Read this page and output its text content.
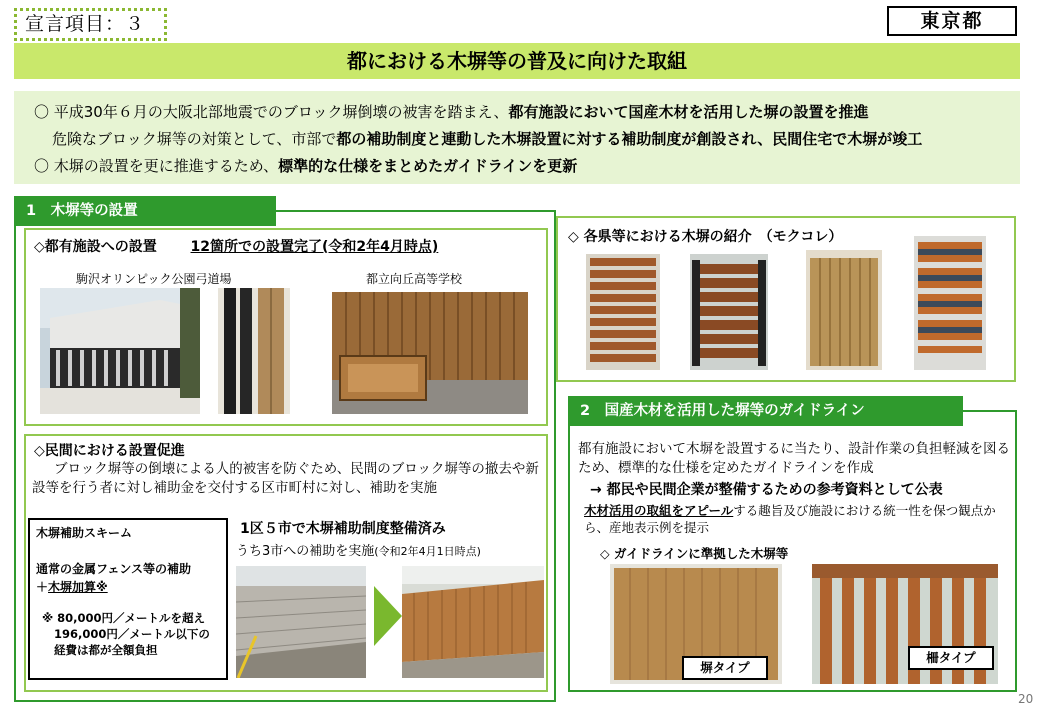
宣言項目：３	東京都
都における木塀等の普及に向けた取組
〇 平成30年６月の大阪北部地震でのブロック塀倒壊の被害を踏まえ、都有施設において国産木材を活用した塀の設置を推進
危険なブロック塀等の対策として、市部で都の補助制度と連動した木塀設置に対する補助制度が創設され、民間住宅で木塀が竣工
〇 木塀の設置を更に推進するため、標準的な仕様をまとめたガイドラインを更新
1　木塀等の設置
◇都有施設への設置 12箇所での設置完了(令和2年4月時点)
駒沢オリンピック公園弓道場	都立向丘高等学校
◇民間における設置促進
ブロック塀等の倒壊による人的被害を防ぐため、民間のブロック塀等の撤去や新設等を行う者に対し補助金を交付する区市町村に対し、補助を実施
1区５市で木塀補助制度整備済み
うち3市への補助を実施(令和2年4月1日時点)
木塀補助スキーム
通常の金属フェンス等の補助
＋木塀加算※
※ 80,000円／メートルを超え
196,000円／メートル以下の
経費は都が全額負担
◇ 各県等における木塀の紹介　（モクコレ）
2　国産木材を活用した塀等のガイドライン
都有施設において木塀を設置するに当たり、設計作業の負担軽減を図るため、標準的な仕様を定めたガイドラインを作成
→ 都民や民間企業が整備するための参考資料として公表
木材活用の取組をアピールする趣旨及び施設における統一性を保つ観点から、産地表示例を提示
◇ ガイドラインに準拠した木塀等
塀タイプ
柵タイプ
20
